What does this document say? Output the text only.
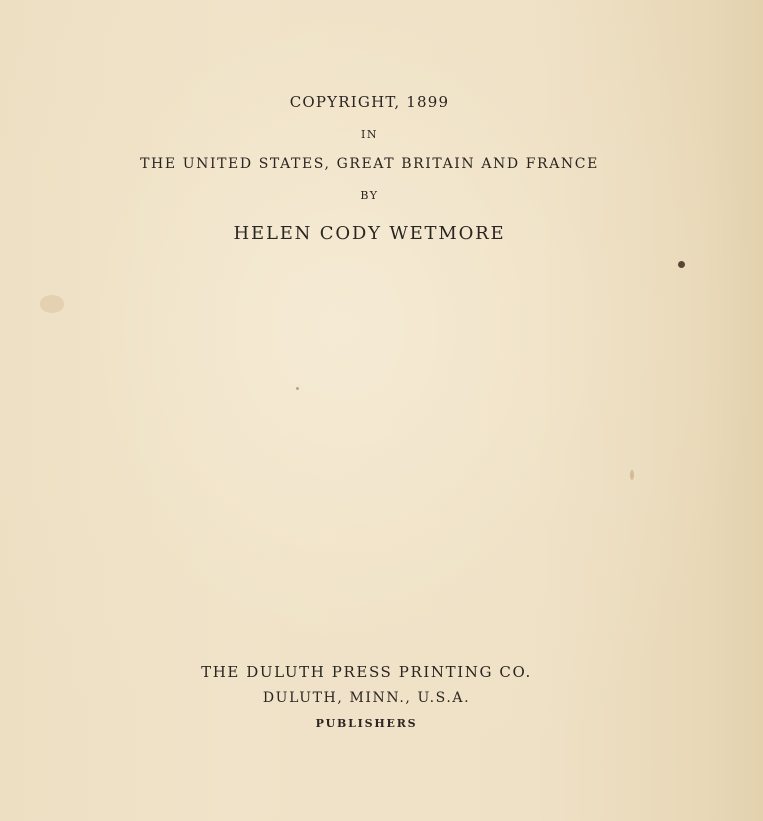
COPYRIGHT, 1899
IN
THE UNITED STATES, GREAT BRITAIN AND FRANCE
BY
HELEN CODY WETMORE
THE DULUTH PRESS PRINTING CO.
DULUTH, MINN., U.S.A.
PUBLISHERS
